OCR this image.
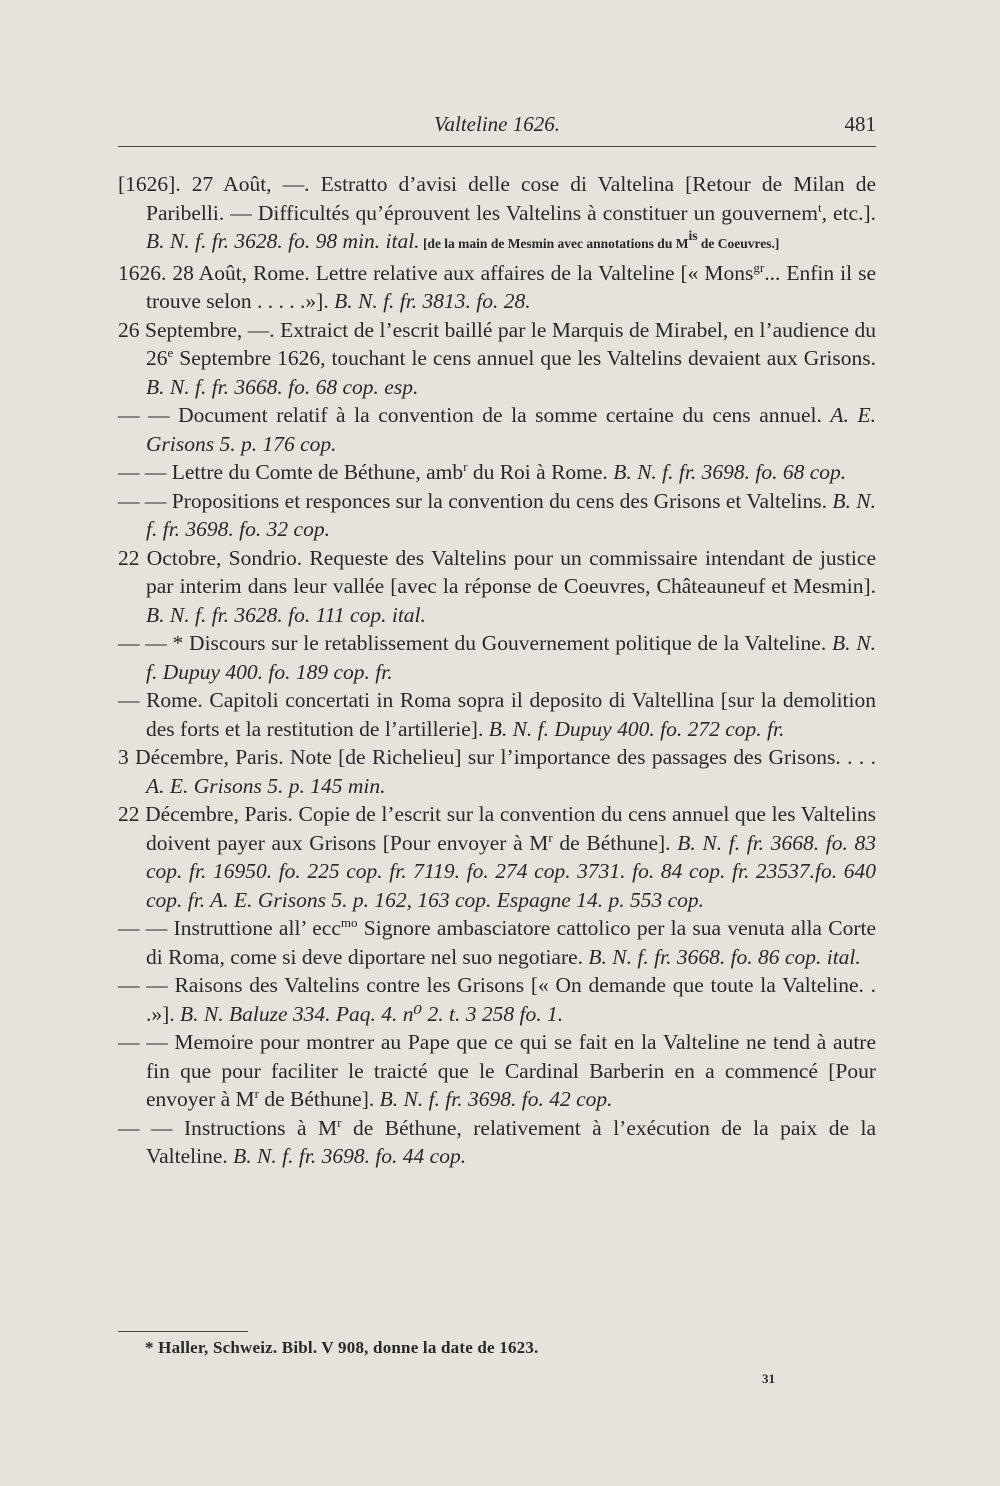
Valteline 1626.	481
[1626]. 27 Août, —. Estratto d’avisi delle cose di Valtelina [Retour de Milan de Paribelli. — Difficultés qu’éprouvent les Valtelins à constituer un gouvernem$^t$, etc.]. B. N. f. fr. 3628. fo. 98 min. ital. [de la main de Mesmin avec annotations du $M^{is}$ de Coeuvres.]
1626. 28 Août, Rome. Lettre relative aux affaires de la Valteline [« Mons$^{gr}$... Enfin il se trouve selon . . . . .»]. B. N. f. fr. 3813. fo. 28.
26 Septembre, —. Extraict de l’escrit baillé par le Marquis de Mirabel, en l’audience du 26e Septembre 1626, touchant le cens annuel que les Valtelins devaient aux Grisons. B. N. f. fr. 3668. fo. 68 cop. esp.
— — Document relatif à la convention de la somme certaine du cens annuel. A. E. Grisons 5. p. 176 cop.
— — Lettre du Comte de Béthune, amb$^r$ du Roi à Rome. B. N. f. fr. 3698. fo. 68 cop.
— — Propositions et responces sur la convention du cens des Grisons et Valtelins. B. N. f. fr. 3698. fo. 32 cop.
22 Octobre, Sondrio. Requeste des Valtelins pour un commissaire intendant de justice par interim dans leur vallée [avec la réponse de Coeuvres, Châteauneuf et Mesmin]. B. N. f. fr. 3628. fo. 111 cop. ital.
— — * Discours sur le retablissement du Gouvernement politique de la Valteline. B. N. f. Dupuy 400. fo. 189 cop. fr.
— Rome. Capitoli concertati in Roma sopra il deposito di Valtellina [sur la demolition des forts et la restitution de l’artillerie]. B. N. f. Dupuy 400. fo. 272 cop. fr.
3 Décembre, Paris. Note [de Richelieu] sur l’importance des passages des Grisons. . . . A. E. Grisons 5. p. 145 min.
22 Décembre, Paris. Copie de l’escrit sur la convention du cens annuel que les Valtelins doivent payer aux Grisons [Pour envoyer à $M^r$ de Béthune]. B. N. f. fr. 3668. fo. 83 cop. fr. 16950. fo. 225 cop. fr. 7119. fo. 274 cop. 3731. fo. 84 cop. fr. 23537.fo. 640 cop. fr. A. E. Grisons 5. p. 162, 163 cop. Espagne 14. p. 553 cop.
— — Instruttione all’ ecc$^{mo}$ Signore ambasciatore cattolico per la sua venuta alla Corte di Roma, come si deve diportare nel suo negotiare. B. N. f. fr. 3668. fo. 86 cop. ital.
— — Raisons des Valtelins contre les Grisons [« On demande que toute la Valteline. . .»]. B. N. Baluze 334. Paq. 4. n⁰ 2. t. 3 258 fo. 1.
— — Memoire pour montrer au Pape que ce qui se fait en la Valteline ne tend à autre fin que pour faciliter le traicté que le Cardinal Barberin en a commencé [Pour envoyer à $M^r$ de Béthune]. B. N. f. fr. 3698. fo. 42 cop.
— — Instructions à $M^r$ de Béthune, relativement à l’exécution de la paix de la Valteline. B. N. f. fr. 3698. fo. 44 cop.
* Haller, Schweiz. Bibl. V 908, donne la date de 1623.
31
